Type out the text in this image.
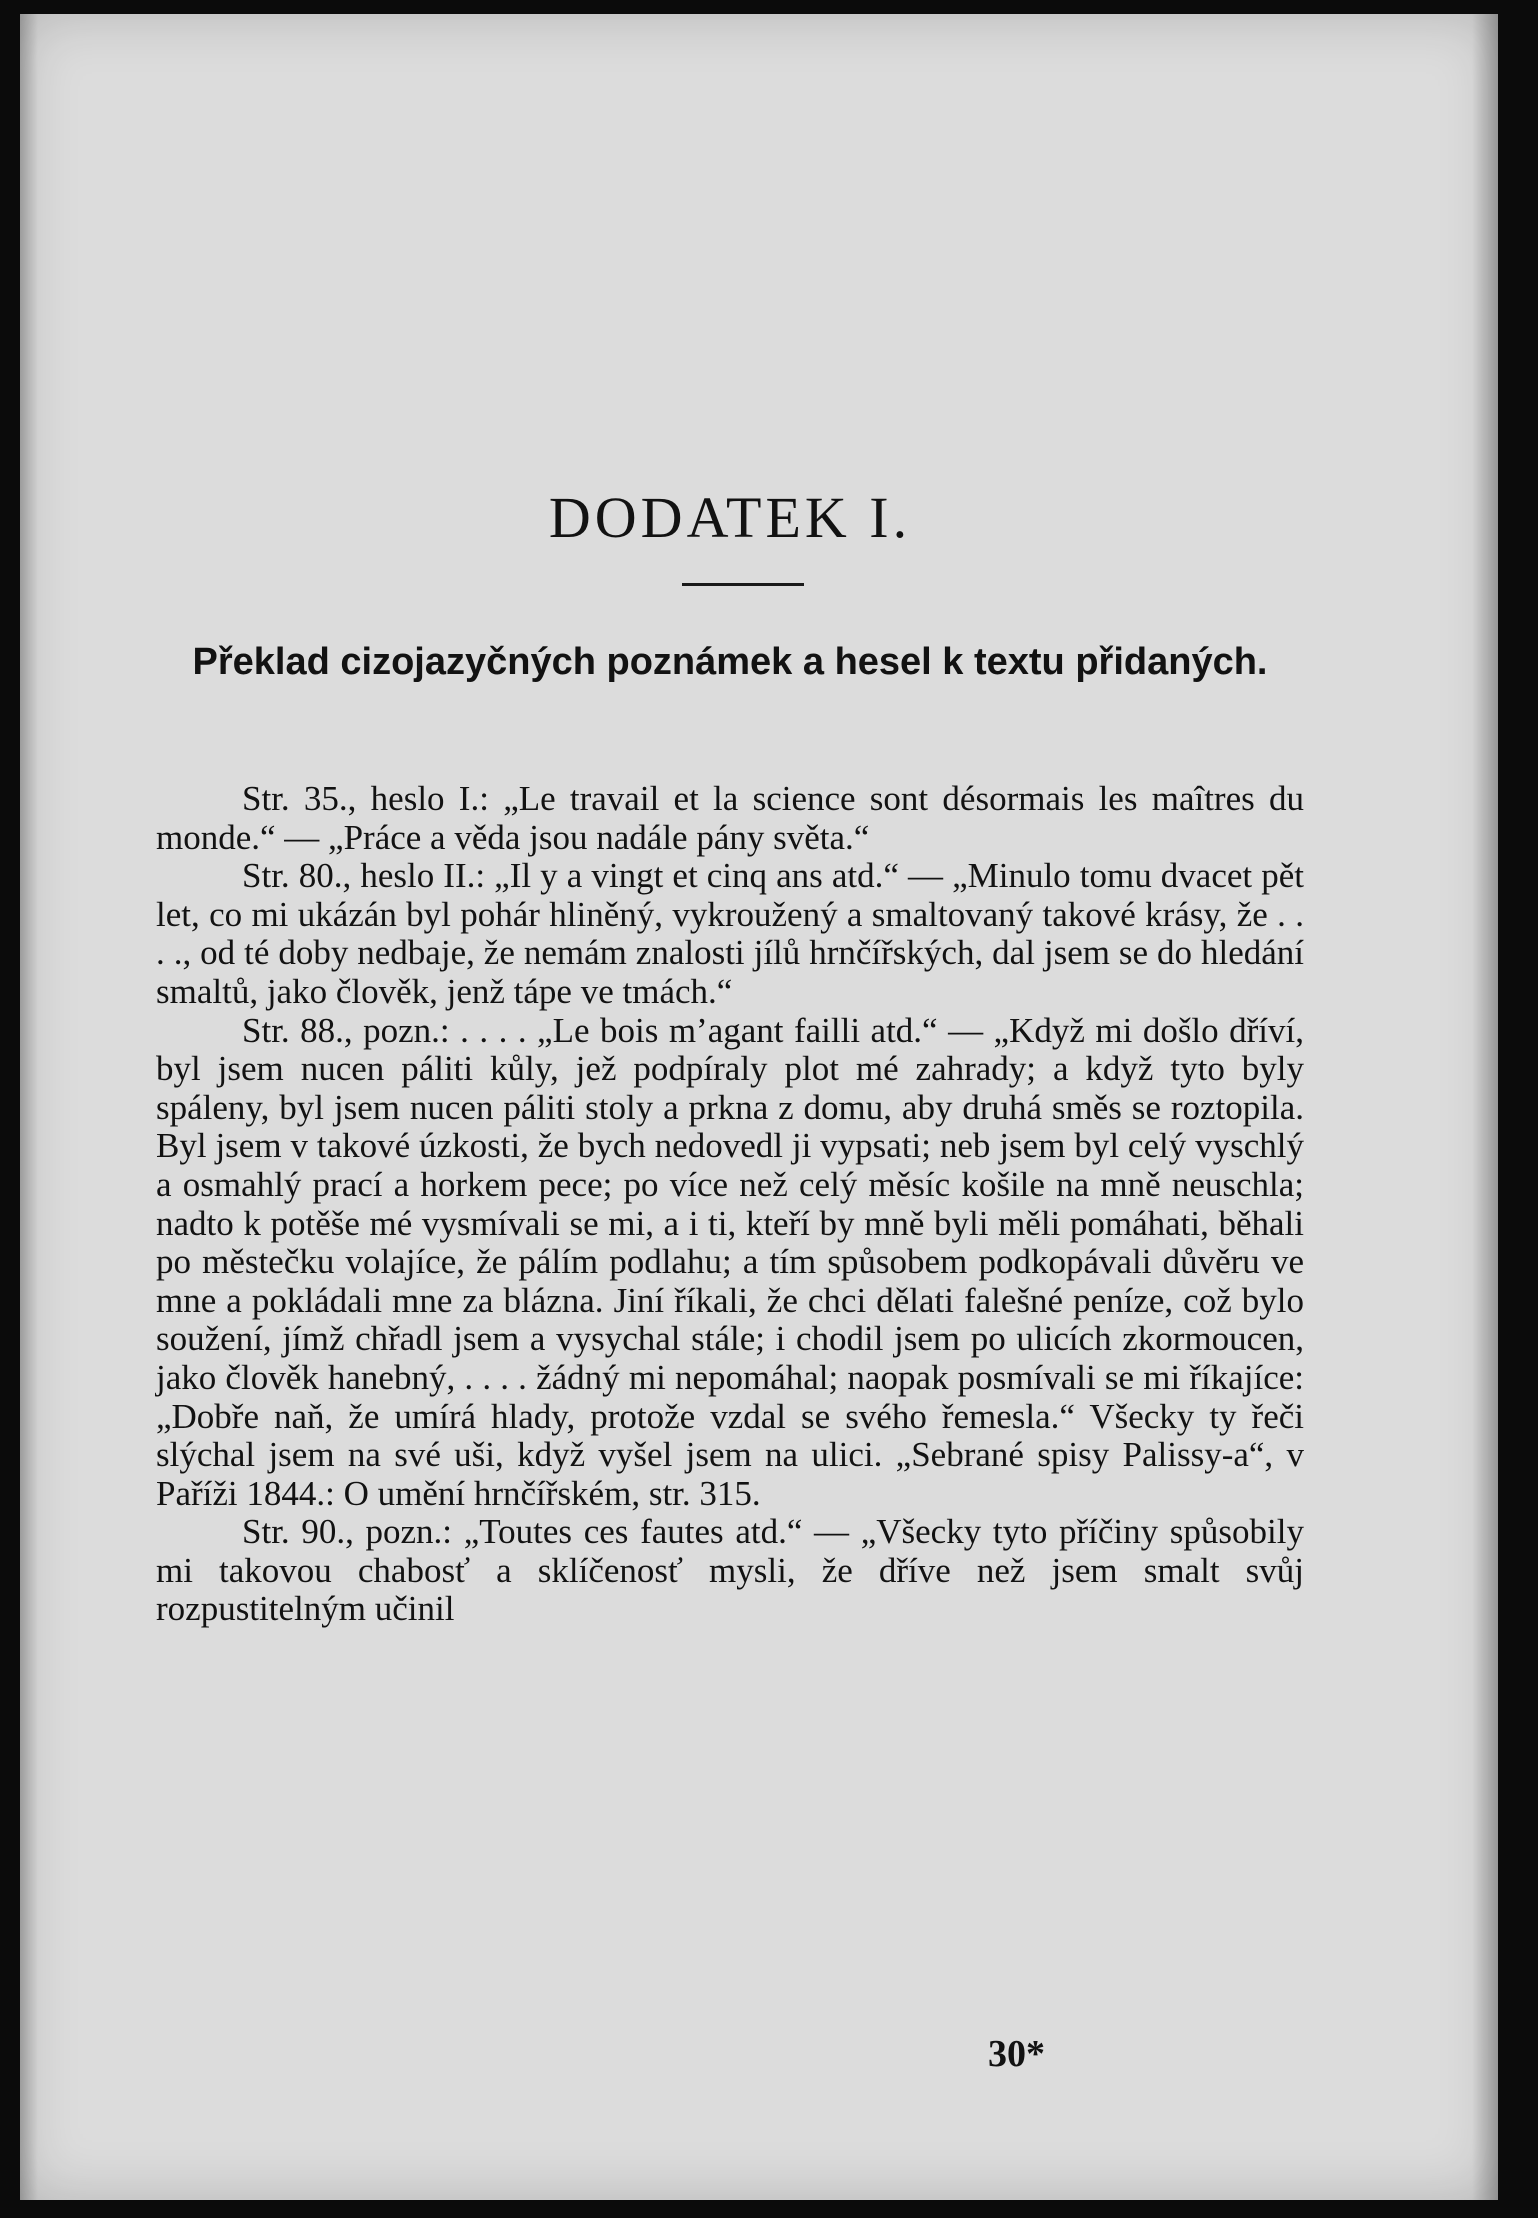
DODATEK I.
Překlad cizojazyčných poznámek a hesel k textu přidaných.

Str. 35., heslo I.: „Le travail et la science sont désormais les maîtres du monde.“ — „Práce a věda jsou nadále pány světa.“

Str. 80., heslo II.: „Il y a vingt et cinq ans atd.“ — „Minulo tomu dvacet pět let, co mi ukázán byl pohár hliněný, vykroužený a smaltovaný takové krásy, že . . . ., od té doby nedbaje, že nemám znalosti jílů hrnčířských, dal jsem se do hledání smaltů, jako člověk, jenž tápe ve tmách.“

Str. 88., pozn.: . . . . „Le bois m’agant failli atd.“ — „Když mi došlo dříví, byl jsem nucen páliti kůly, jež podpíraly plot mé zahrady; a když tyto byly spáleny, byl jsem nucen páliti stoly a prkna z domu, aby druhá směs se roztopila. Byl jsem v takové úzkosti, že bych nedovedl ji vypsati; neb jsem byl celý vyschlý a osmahlý prací a horkem pece; po více než celý měsíc košile na mně neuschla; nadto k potěše mé vysmívali se mi, a i ti, kteří by mně byli měli pomáhati, běhali po městečku volajíce, že pálím podlahu; a tím spůsobem podkopávali důvěru ve mne a pokládali mne za blázna. Jiní říkali, že chci dělati falešné peníze, což bylo soužení, jímž chřadl jsem a vysychal stále; i chodil jsem po ulicích zkormoucen, jako člověk hanebný, . . . . žádný mi nepomáhal; naopak posmívali se mi říkajíce: „Dobře naň, že umírá hlady, protože vzdal se svého řemesla.“ Všecky ty řeči slýchal jsem na své uši, když vyšel jsem na ulici. „Sebrané spisy Palissy-a“, v Paříži 1844.: O umění hrnčířském, str. 315.

Str. 90., pozn.: „Toutes ces fautes atd.“ — „Všecky tyto příčiny spůsobily mi takovou chabosť a sklíčenosť mysli, že dříve než jsem smalt svůj rozpustitelným učinil

30*
